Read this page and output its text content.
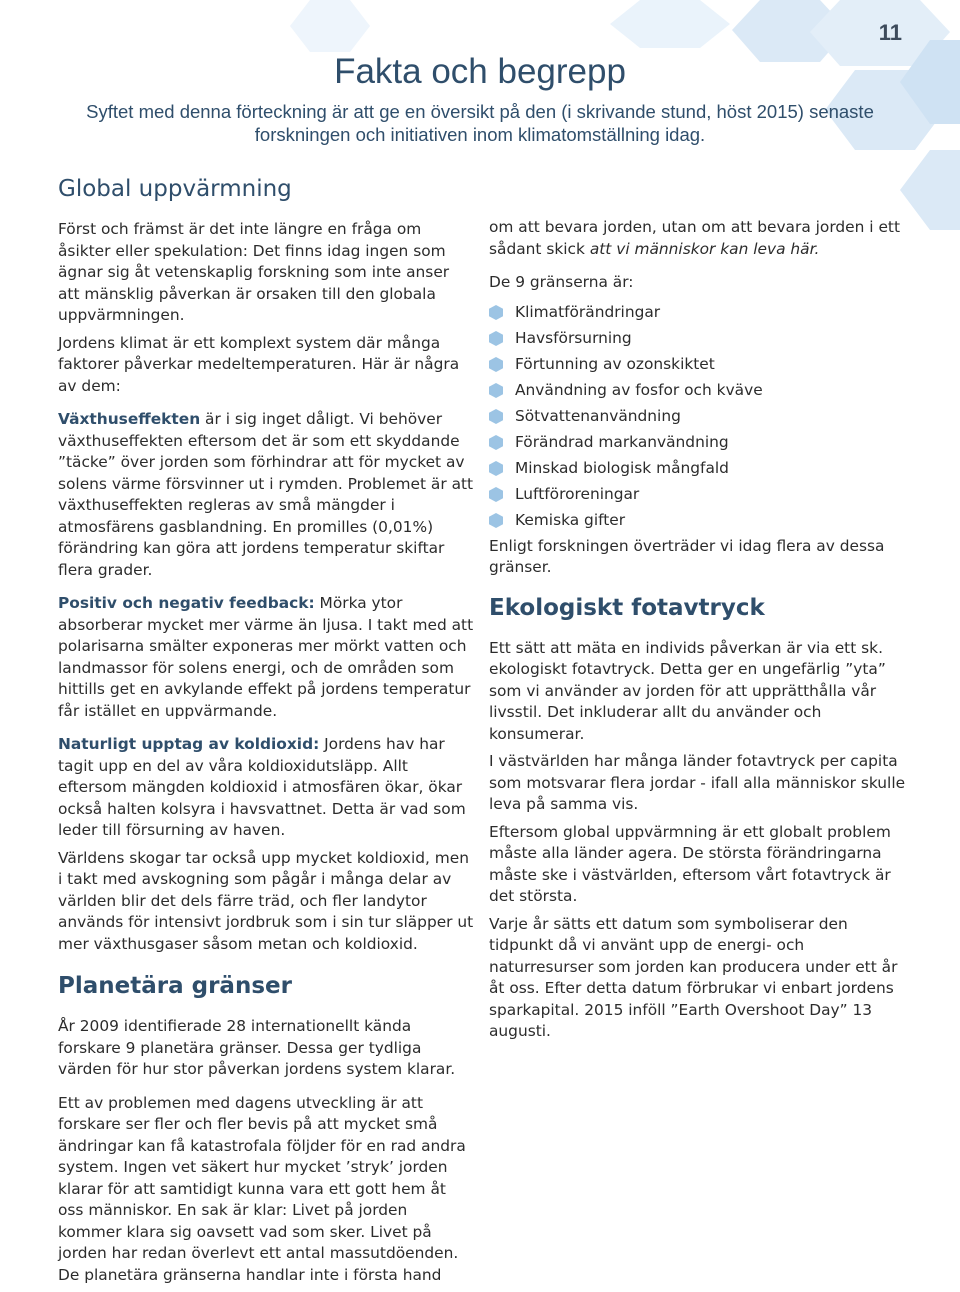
11
Fakta och begrepp

Syftet med denna förteckning är att ge en översikt på den (i skrivande stund, höst 2015) senaste forskningen och initiativen inom klimatomställning idag.

Global uppvärmning

Först och främst är det inte längre en fråga om åsikter eller spekulation: Det finns idag ingen som ägnar sig åt vetenskaplig forskning som inte anser att mänsklig påverkan är orsaken till den globala uppvärmningen.

Jordens klimat är ett komplext system där många faktorer påverkar medeltemperaturen. Här är några av dem:

Växthuseffekten är i sig inget dåligt. Vi behöver växthuseffekten eftersom det är som ett skyddande ”täcke” över jorden som förhindrar att för mycket av solens värme försvinner ut i rymden. Problemet är att växthuseffekten regleras av små mängder i atmosfärens gasblandning. En promilles (0,01%) förändring kan göra att jordens temperatur skiftar flera grader.

Positiv och negativ feedback: Mörka ytor absorberar mycket mer värme än ljusa. I takt med att polarisarna smälter exponeras mer mörkt vatten och landmassor för solens energi, och de områden som hittills get en avkylande effekt på jordens temperatur får istället en uppvärmande.

Naturligt upptag av koldioxid: Jordens hav har tagit upp en del av våra koldioxidutsläpp. Allt eftersom mängden koldioxid i atmosfären ökar, ökar också halten kolsyra i havsvattnet. Detta är vad som leder till försurning av haven.

Världens skogar tar också upp mycket koldioxid, men i takt med avskogning som pågår i många delar av världen blir det dels färre träd, och fler landytor används för intensivt jordbruk som i sin tur släpper ut mer växthusgaser såsom metan och koldioxid.

Planetära gränser

År 2009 identifierade 28 internationellt kända forskare 9 planetära gränser. Dessa ger tydliga värden för hur stor påverkan jordens system klarar.

Ett av problemen med dagens utveckling är att forskare ser fler och fler bevis på att mycket små ändringar kan få katastrofala följder för en rad andra system. Ingen vet säkert hur mycket ’stryk’ jorden klarar för att samtidigt kunna vara ett gott hem åt oss människor. En sak är klar: Livet på jorden kommer klara sig oavsett vad som sker. Livet på jorden har redan överlevt ett antal massutdöenden. De planetära gränserna handlar inte i första hand

om att bevara jorden, utan om att bevara jorden i ett sådant skick att vi människor kan leva här.

De 9 gränserna är:

Klimatförändringar
Havsförsurning
Förtunning av ozonskiktet
Användning av fosfor och kväve
Sötvattenanvändning
Förändrad markanvändning
Minskad biologisk mångfald
Luftföroreningar
Kemiska gifter

Enligt forskningen överträder vi idag flera av dessa gränser.

Ekologiskt fotavtryck

Ett sätt att mäta en individs påverkan är via ett sk. ekologiskt fotavtryck. Detta ger en ungefärlig ”yta” som vi använder av jorden för att upprätthålla vår livsstil. Det inkluderar allt du använder och konsumerar.

I västvärlden har många länder fotavtryck per capita som motsvarar flera jordar - ifall alla människor skulle leva på samma vis.

Eftersom global uppvärmning är ett globalt problem måste alla länder agera. De största förändringarna måste ske i västvärlden, eftersom vårt fotavtryck är det största.

Varje år sätts ett datum som symboliserar den tidpunkt då vi använt upp de energi- och naturresurser som jorden kan producera under ett år åt oss. Efter detta datum förbrukar vi enbart jordens sparkapital. 2015 inföll ”Earth Overshoot Day” 13 augusti.
